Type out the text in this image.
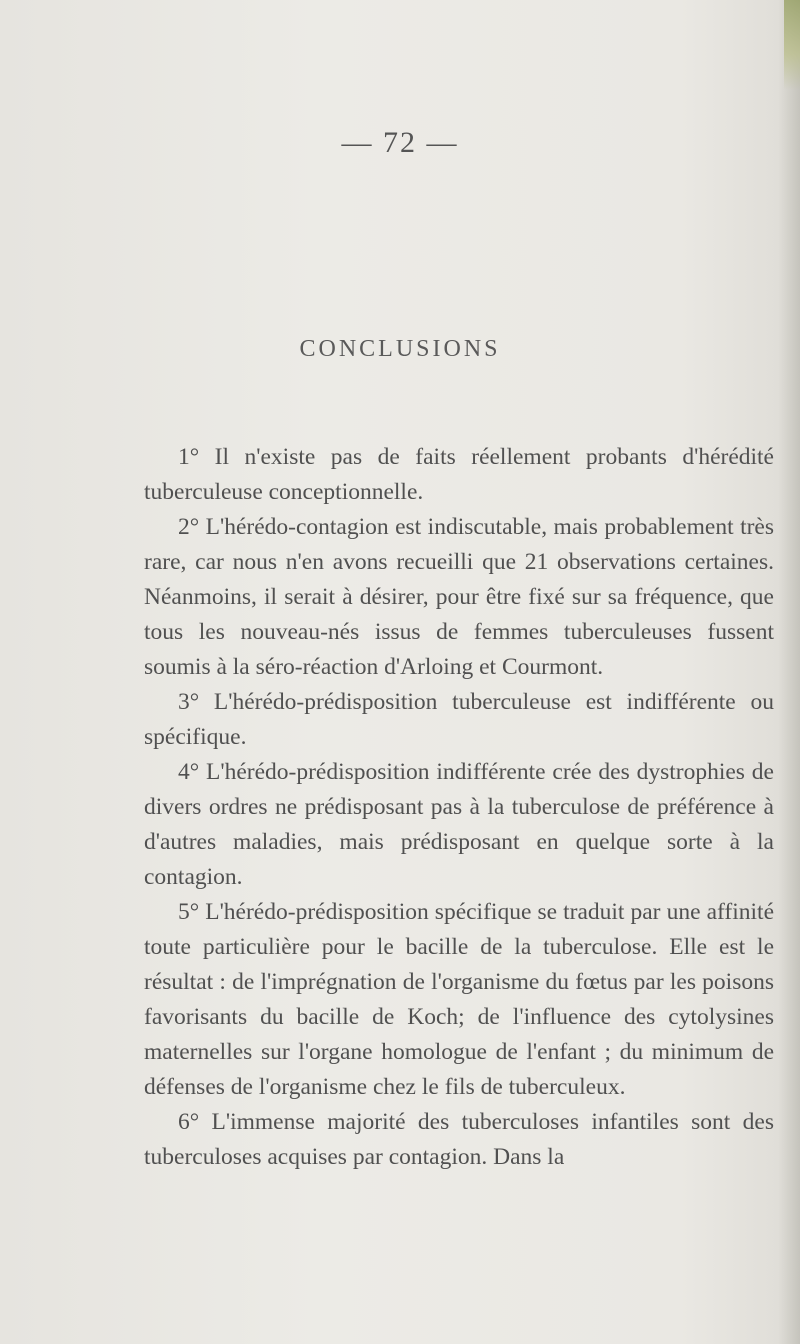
— 72 —
CONCLUSIONS

1° Il n'existe pas de faits réellement probants d'hérédité tuberculeuse conceptionnelle.

2° L'hérédo-contagion est indiscutable, mais probablement très rare, car nous n'en avons recueilli que 21 observations certaines. Néanmoins, il serait à désirer, pour être fixé sur sa fréquence, que tous les nouveau-nés issus de femmes tuberculeuses fussent soumis à la séro-réaction d'Arloing et Courmont.

3° L'hérédo-prédisposition tuberculeuse est indifférente ou spécifique.

4° L'hérédo-prédisposition indifférente crée des dystrophies de divers ordres ne prédisposant pas à la tuberculose de préférence à d'autres maladies, mais prédisposant en quelque sorte à la contagion.

5° L'hérédo-prédisposition spécifique se traduit par une affinité toute particulière pour le bacille de la tuberculose. Elle est le résultat : de l'imprégnation de l'organisme du fœtus par les poisons favorisants du bacille de Koch; de l'influence des cytolysines maternelles sur l'organe homologue de l'enfant ; du minimum de défenses de l'organisme chez le fils de tuberculeux.

6° L'immense majorité des tuberculoses infantiles sont des tuberculoses acquises par contagion. Dans la
